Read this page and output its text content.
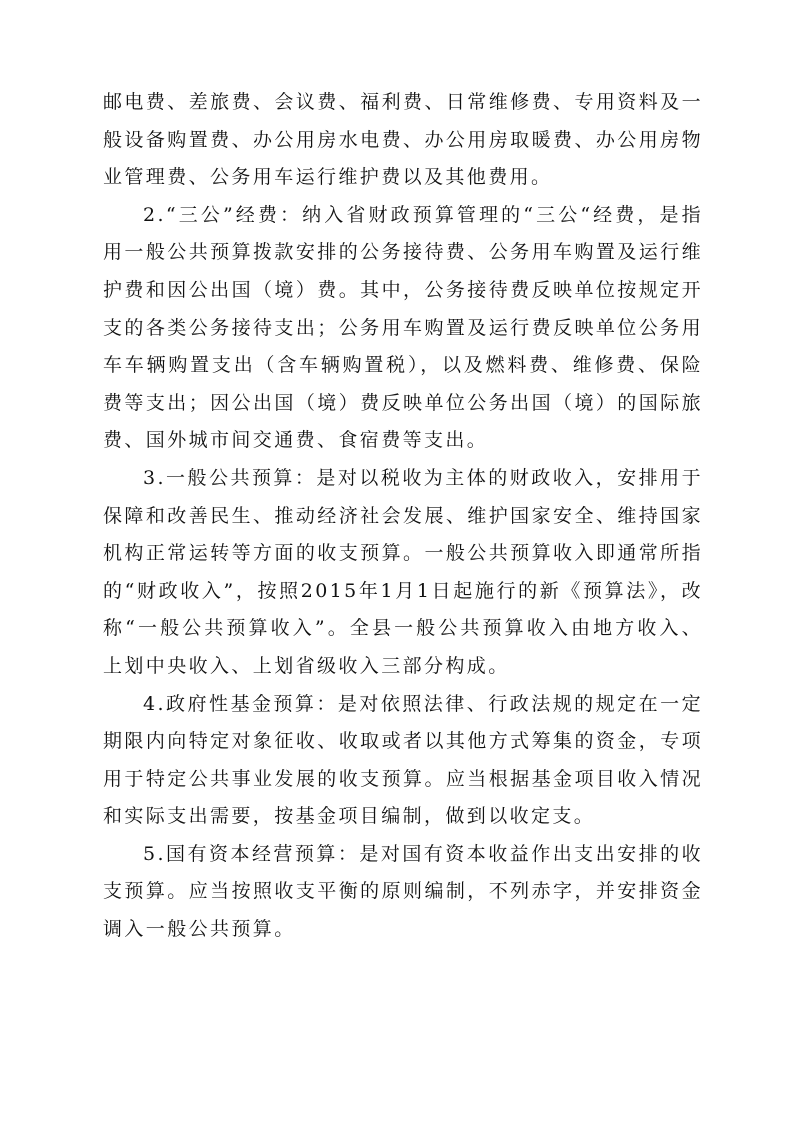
邮电费、差旅费、会议费、福利费、日常维修费、专用资料及一般设备购置费、办公用房水电费、办公用房取暖费、办公用房物业管理费、公务用车运行维护费以及其他费用。

2.“三公”经费：纳入省财政预算管理的“三公“经费，是指用一般公共预算拨款安排的公务接待费、公务用车购置及运行维护费和因公出国（境）费。其中，公务接待费反映单位按规定开支的各类公务接待支出；公务用车购置及运行费反映单位公务用车车辆购置支出（含车辆购置税），以及燃料费、维修费、保险费等支出；因公出国（境）费反映单位公务出国（境）的国际旅费、国外城市间交通费、食宿费等支出。

3.一般公共预算：是对以税收为主体的财政收入，安排用于保障和改善民生、推动经济社会发展、维护国家安全、维持国家机构正常运转等方面的收支预算。一般公共预算收入即通常所指的“财政收入”，按照2015年1月1日起施行的新《预算法》，改称“一般公共预算收入”。全县一般公共预算收入由地方收入、上划中央收入、上划省级收入三部分构成。

4.政府性基金预算：是对依照法律、行政法规的规定在一定期限内向特定对象征收、收取或者以其他方式筹集的资金，专项用于特定公共事业发展的收支预算。应当根据基金项目收入情况和实际支出需要，按基金项目编制，做到以收定支。

5.国有资本经营预算：是对国有资本收益作出支出安排的收支预算。应当按照收支平衡的原则编制，不列赤字，并安排资金调入一般公共预算。
